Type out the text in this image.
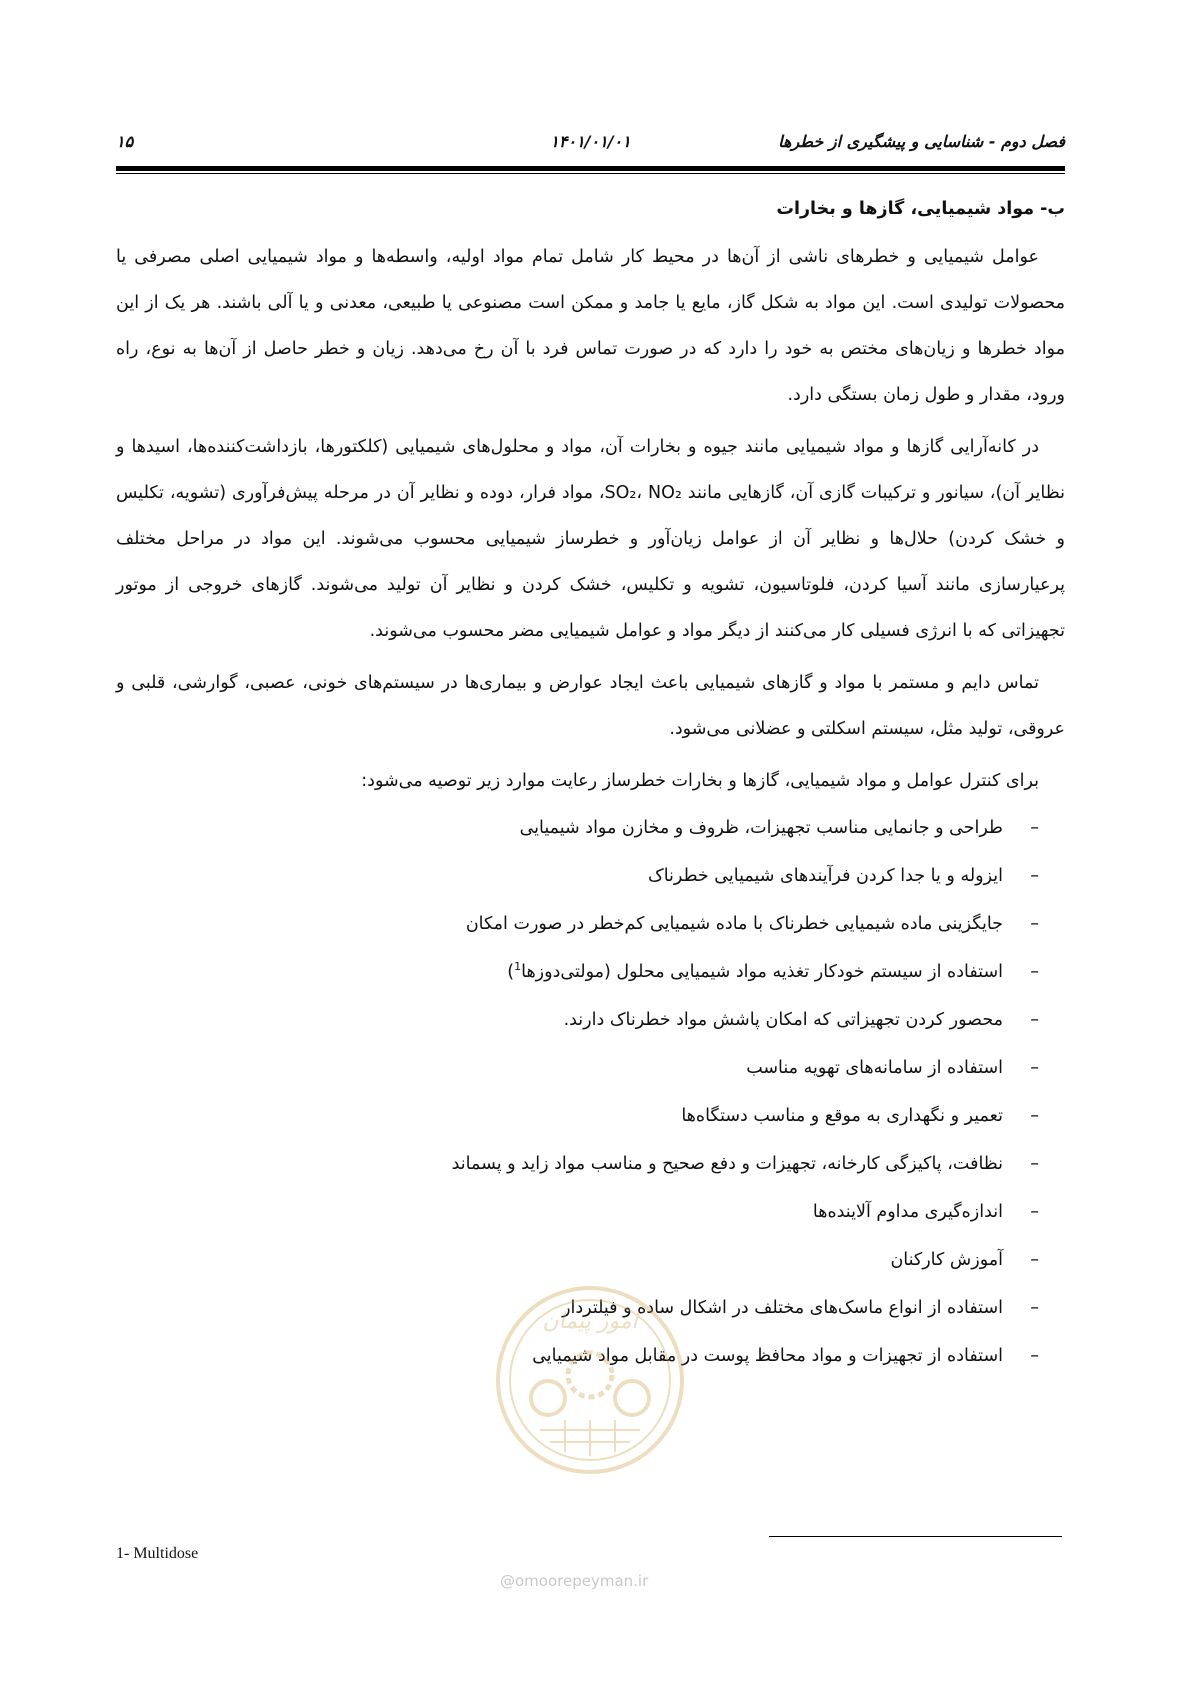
فصل دوم - شناسایی و پیشگیری از خطرها
۱۴۰۱/۰۱/۰۱
۱۵
ب- مواد شیمیایی، گازها و بخارات

عوامل شیمیایی و خطرهای ناشی از آن‌ها در محیط کار شامل تمام مواد اولیه، واسطه‌ها و مواد شیمیایی اصلی مصرفی یا محصولات تولیدی است. این مواد به شکل گاز، مایع یا جامد و ممکن است مصنوعی یا طبیعی، معدنی و یا آلی باشند. هر یک از این مواد خطرها و زیان‌های مختص به خود را دارد که در صورت تماس فرد با آن رخ می‌دهد. زیان و خطر حاصل از آن‌ها به نوع، راه ورود، مقدار و طول زمان بستگی دارد.

در کانه‌آرایی گازها و مواد شیمیایی مانند جیوه و بخارات آن، مواد و محلول‌های شیمیایی (کلکتورها، بازداشت‌کننده‌ها، اسیدها و نظایر آن)، سیانور و ترکیبات گازی آن، گازهایی مانند SO₂، NO₂، مواد فرار، دوده و نظایر آن در مرحله پیش‌فرآوری (تشویه، تکلیس و خشک کردن) حلال‌ها و نظایر آن از عوامل زیان‌آور و خطرساز شیمیایی محسوب می‌شوند. این مواد در مراحل مختلف پرعیارسازی مانند آسیا کردن، فلوتاسیون، تشویه و تکلیس، خشک کردن و نظایر آن تولید می‌شوند. گازهای خروجی از موتور تجهیزاتی که با انرژی فسیلی کار می‌کنند از دیگر مواد و عوامل شیمیایی مضر محسوب می‌شوند.

تماس دایم و مستمر با مواد و گازهای شیمیایی باعث ایجاد عوارض و بیماری‌ها در سیستم‌های خونی، عصبی، گوارشی، قلبی و عروقی، تولید مثل، سیستم اسکلتی و عضلانی می‌شود.

برای کنترل عوامل و مواد شیمیایی، گازها و بخارات خطرساز رعایت موارد زیر توصیه می‌شود:

–
طراحی و جانمایی مناسب تجهیزات، ظروف و مخازن مواد شیمیایی
–
ایزوله و یا جدا کردن فرآیندهای شیمیایی خطرناک
–
جایگزینی ماده شیمیایی خطرناک با ماده شیمیایی کم‌خطر در صورت امکان
–
استفاده از سیستم خودکار تغذیه مواد شیمیایی محلول (مولتی‌دوزها$^1$)
–
محصور کردن تجهیزاتی که امکان پاشش مواد خطرناک دارند.
–
استفاده از سامانه‌های تهویه مناسب
–
تعمیر و نگهداری به موقع و مناسب دستگاه‌ها
–
نظافت، پاکیزگی کارخانه، تجهیزات و دفع صحیح و مناسب مواد زاید و پسماند
–
اندازه‌گیری مداوم آلاینده‌ها
–
آموزش کارکنان
–
استفاده از انواع ماسک‌های مختلف در اشکال ساده و فیلتردار
–
استفاده از تجهیزات و مواد محافظ پوست در مقابل مواد شیمیایی
امور پیمان
@omoorepeyman.ir
1- Multidose
